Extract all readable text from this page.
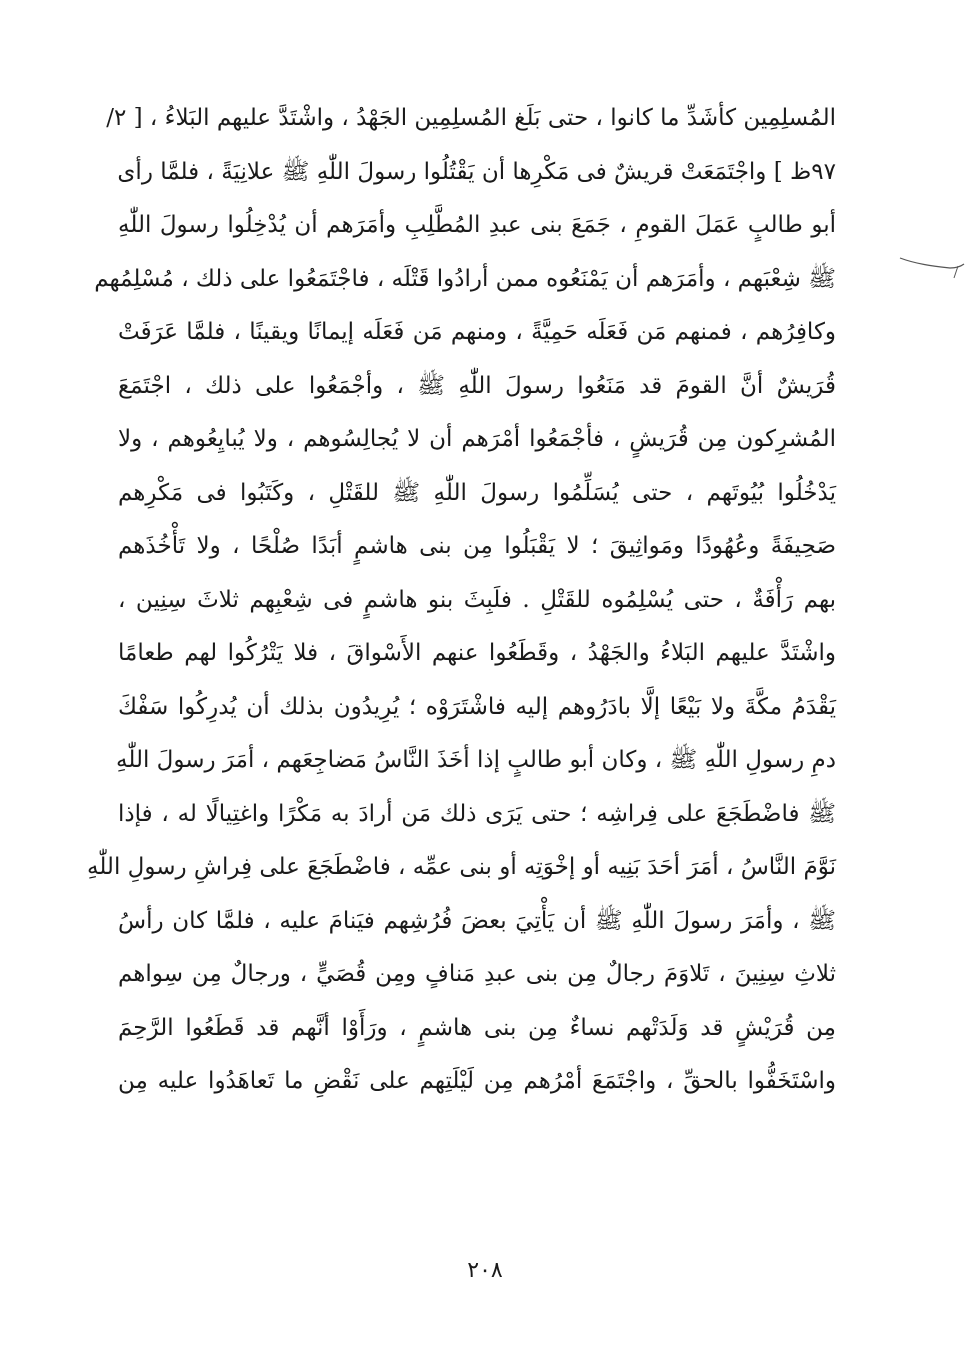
المُسلِمِين كأشَدِّ ما كانوا ، حتى بَلَغ المُسلِمِين الجَهْدُ ، واشْتَدَّ عليهم البَلاءُ ، [ ٢/
٩٧ظ ] واجْتَمَعَتْ قريشٌ فى مَكْرِها أن يَقْتُلُوا رسولَ اللّٰهِ ﷺ علانِيَةً ، فلمَّا رأى
أبو طالبٍ عَمَلَ القومِ ، جَمَعَ بنى عبدِ المُطَّلِبِ وأمَرَهم أن يُدْخِلُوا رسولَ اللّٰهِ
ﷺ شِعْبَهم ، وأمَرَهم أن يَمْنَعُوه ممن أرادُوا قَتْلَه ، فاجْتَمَعُوا على ذلك ، مُسْلِمُهم
وكافِرُهم ، فمنهم مَن فَعَلَه حَمِيَّةً ، ومنهم مَن فَعَلَه إيمانًا ويقينًا ، فلمَّا عَرَفَتْ
قُرَيشٌ أنَّ القومَ قد مَنَعُوا رسولَ اللّٰهِ ﷺ ، وأجْمَعُوا على ذلك ، اجْتَمَعَ
المُشرِكون مِن قُرَيشٍ ، فأجْمَعُوا أمْرَهم أن لا يُجالِسُوهم ، ولا يُبايِعُوهم ، ولا
يَدْخُلُوا بُيُوتَهم ، حتى يُسَلِّمُوا رسولَ اللّٰهِ ﷺ للقَتْلِ ، وكَتَبُوا فى مَكْرِهم
صَحِيفَةً وعُهُودًا ومَواثِيقَ ؛ لا يَقْبَلُوا مِن بنى هاشمٍ أبَدًا صُلْحًا ، ولا تَأْخُذَهم
بهم رَأْفَةٌ ، حتى يُسْلِمُوه للقَتْلِ . فلَبِثَ بنو هاشمٍ فى شِعْبِهم ثلاثَ سِنِين ،
واشْتَدَّ عليهم البَلاءُ والجَهْدُ ، وقَطَعُوا عنهم الأَسْواقَ ، فلا يَتْرُكُوا لهم طعامًا
يَقْدَمُ مكَّةَ ولا بَيْعًا إلَّا بادَرُوهم إليه فاشْتَرَوْه ؛ يُرِيدُون بذلك أن يُدرِكُوا سَفْكَ
دمِ رسولِ اللّٰهِ ﷺ ، وكان أبو طالبٍ إذا أخَذَ النَّاسُ مَضاجِعَهم ، أمَرَ رسولَ اللّٰهِ
ﷺ فاضْطَجَعَ على فِراشِه ؛ حتى يَرَى ذلك مَن أرادَ به مَكْرًا واغتِيالًا له ، فإذا
نَوَّمَ النَّاسُ ، أمَرَ أحَدَ بَنِيه أو إخْوَتِه أو بنى عمِّه ، فاضْطَجَعَ على فِراشِ رسولِ اللّٰهِ
ﷺ ، وأمَرَ رسولَ اللّٰهِ ﷺ أن يَأْتِيَ بعضَ فُرُشِهم فيَنامَ عليه ، فلمَّا كان رأسُ
ثلاثِ سِنِينَ ، تَلاوَمَ رجالٌ مِن بنى عبدِ مَنافٍ ومِن قُصَيٍّ ، ورجالٌ مِن سِواهم
مِن قُرَيْشٍ قد وَلَدَتْهم نساءٌ مِن بنى هاشمٍ ، ورَأَوْا أنَّهم قد قَطَعُوا الرَّحِمَ
واسْتَخَفُّوا بالحقِّ ، واجْتَمَعَ أمْرُهم مِن لَيْلَتِهم على نَقْضِ ما تَعاهَدُوا عليه مِن
٢٠٨
